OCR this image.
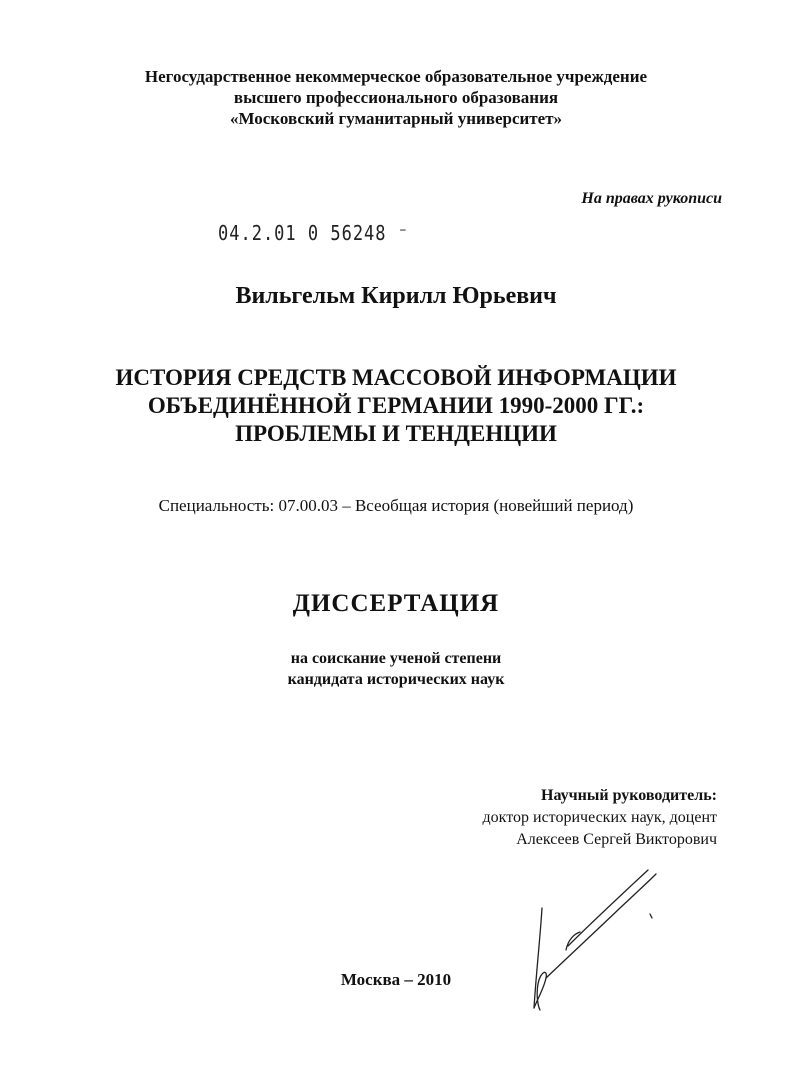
Негосударственное некоммерческое образовательное учреждение
высшего профессионального образования
«Московский гуманитарный университет»
На правах рукописи
04.2.01 0 56248 ⁻
Вильгельм Кирилл Юрьевич
ИСТОРИЯ СРЕДСТВ МАССОВОЙ ИНФОРМАЦИИ
ОБЪЕДИНЁННОЙ ГЕРМАНИИ 1990-2000 ГГ.:
ПРОБЛЕМЫ И ТЕНДЕНЦИИ
Специальность: 07.00.03 – Всеобщая история (новейший период)
ДИССЕРТАЦИЯ
на соискание ученой степени
кандидата исторических наук
Научный руководитель:
доктор исторических наук, доцент
Алексеев Сергей Викторович
Москва – 2010
